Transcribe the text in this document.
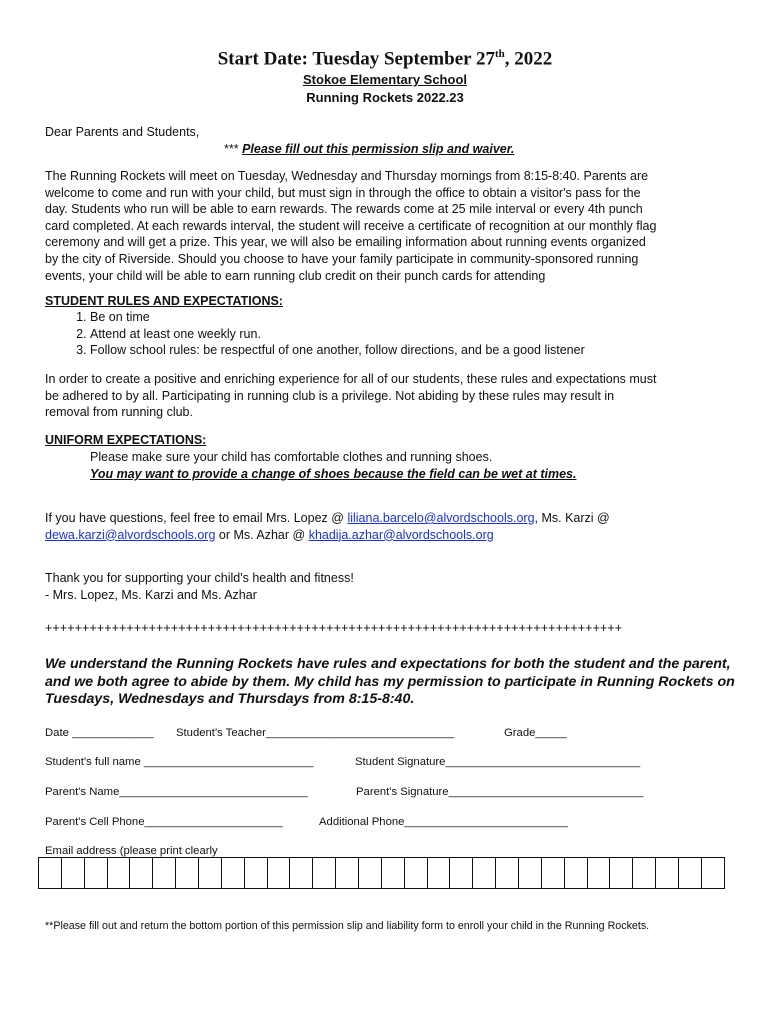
Start Date: Tuesday September 27th, 2022
Stokoe Elementary School
Running Rockets 2022.23

Dear Parents and Students,

*** Please fill out this permission slip and waiver.

The Running Rockets will meet on Tuesday, Wednesday and Thursday mornings from 8:15-8:40. Parents are
welcome to come and run with your child, but must sign in through the office to obtain a visitor's pass for the
day. Students who run will be able to earn rewards. The rewards come at 25 mile interval or every 4th punch
card completed. At each rewards interval, the student will receive a certificate of recognition at our monthly flag
ceremony and will get a prize. This year, we will also be emailing information about running events organized
by the city of Riverside. Should you choose to have your family participate in community-sponsored running
events, your child will be able to earn running club credit on their punch cards for attending

STUDENT RULES AND EXPECTATIONS:

1. Be on time
2. Attend at least one weekly run.
3. Follow school rules: be respectful of one another, follow directions, and be a good listener
In order to create a positive and enriching experience for all of our students, these rules and expectations must
be adhered to by all. Participating in running club is a privilege. Not abiding by these rules may result in
removal from running club.

UNIFORM EXPECTATIONS:

Please make sure your child has comfortable clothes and running shoes.

You may want to provide a change of shoes because the field can be wet at times.

If you have questions, feel free to email Mrs. Lopez @ liliana.barcelo@alvordschools.org, Ms. Karzi @
dewa.karzi@alvordschools.org or Ms. Azhar @ khadija.azhar@alvordschools.org
Thank you for supporting your child's health and fitness!
- Mrs. Lopez, Ms. Karzi and Ms. Azhar
++++++++++++++++++++++++++++++++++++++++++++++++++++++++++++++++++++++++++++++

We understand the Running Rockets have rules and expectations for both the student and the parent, and we both agree to abide by them. My child has my permission to participate in Running Rockets on Tuesdays, Wednesdays and Thursdays from 8:15-8:40.

Date _____________ Student's Teacher______________________________	Grade_____
Student's full name ___________________________	Student Signature_______________________________
Parent's Name______________________________	Parent's Signature_______________________________
Parent's Cell Phone______________________	Additional Phone__________________________
Email address (please print clearly

**Please fill out and return the bottom portion of this permission slip and liability form to enroll your child in the Running Rockets.
